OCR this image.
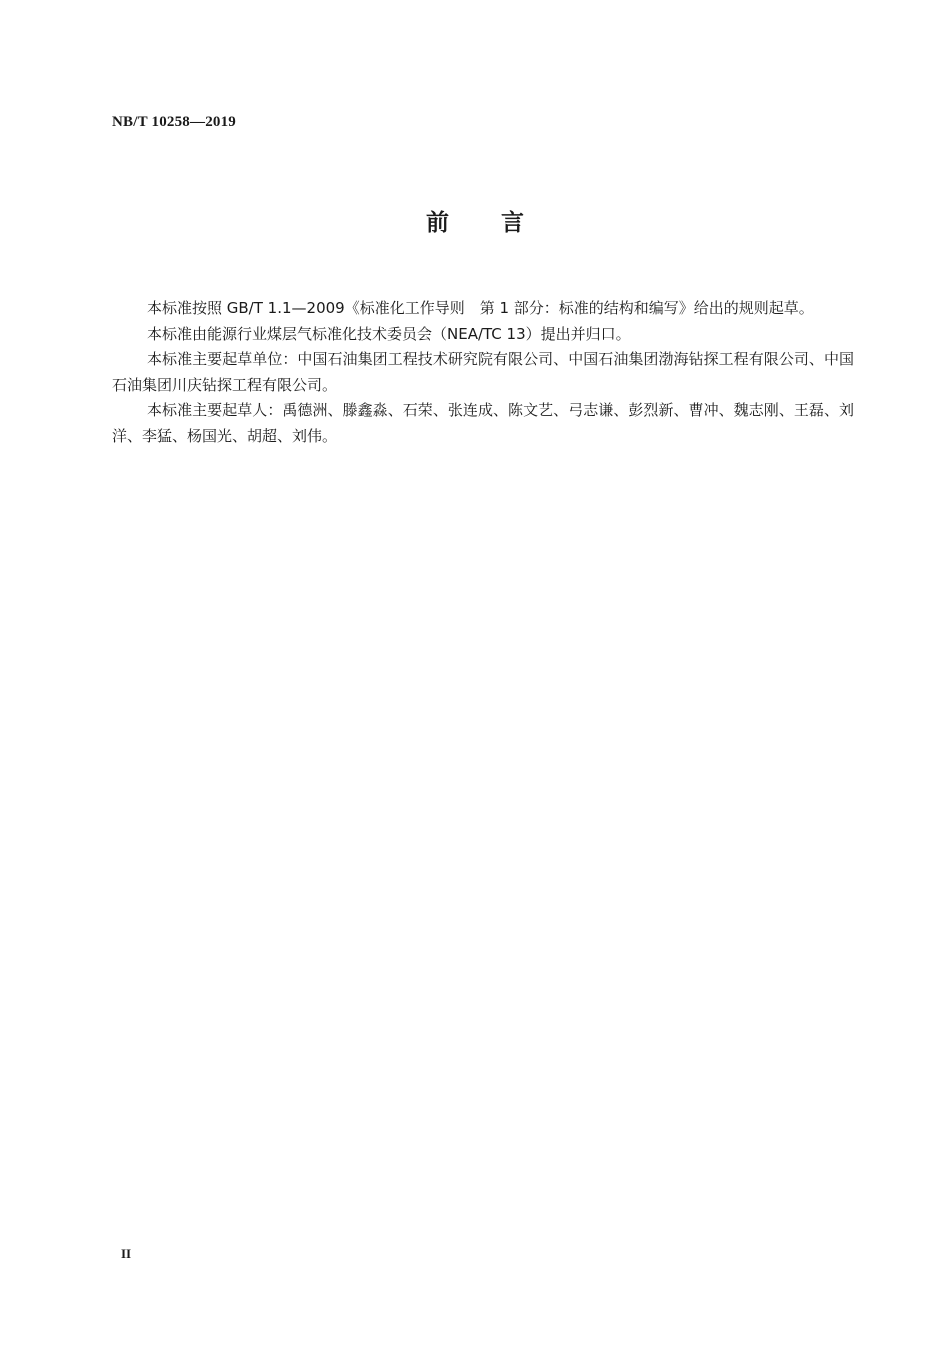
NB/T 10258—2019
前 言

本标准按照 GB/T 1.1—2009《标准化工作导则　第 1 部分：标准的结构和编写》给出的规则起草。

本标准由能源行业煤层气标准化技术委员会（NEA/TC 13）提出并归口。

本标准主要起草单位：中国石油集团工程技术研究院有限公司、中国石油集团渤海钻探工程有限公司、中国石油集团川庆钻探工程有限公司。

本标准主要起草人：禹德洲、滕鑫淼、石荣、张连成、陈文艺、弓志谦、彭烈新、曹冲、魏志刚、王磊、刘洋、李猛、杨国光、胡超、刘伟。

II
